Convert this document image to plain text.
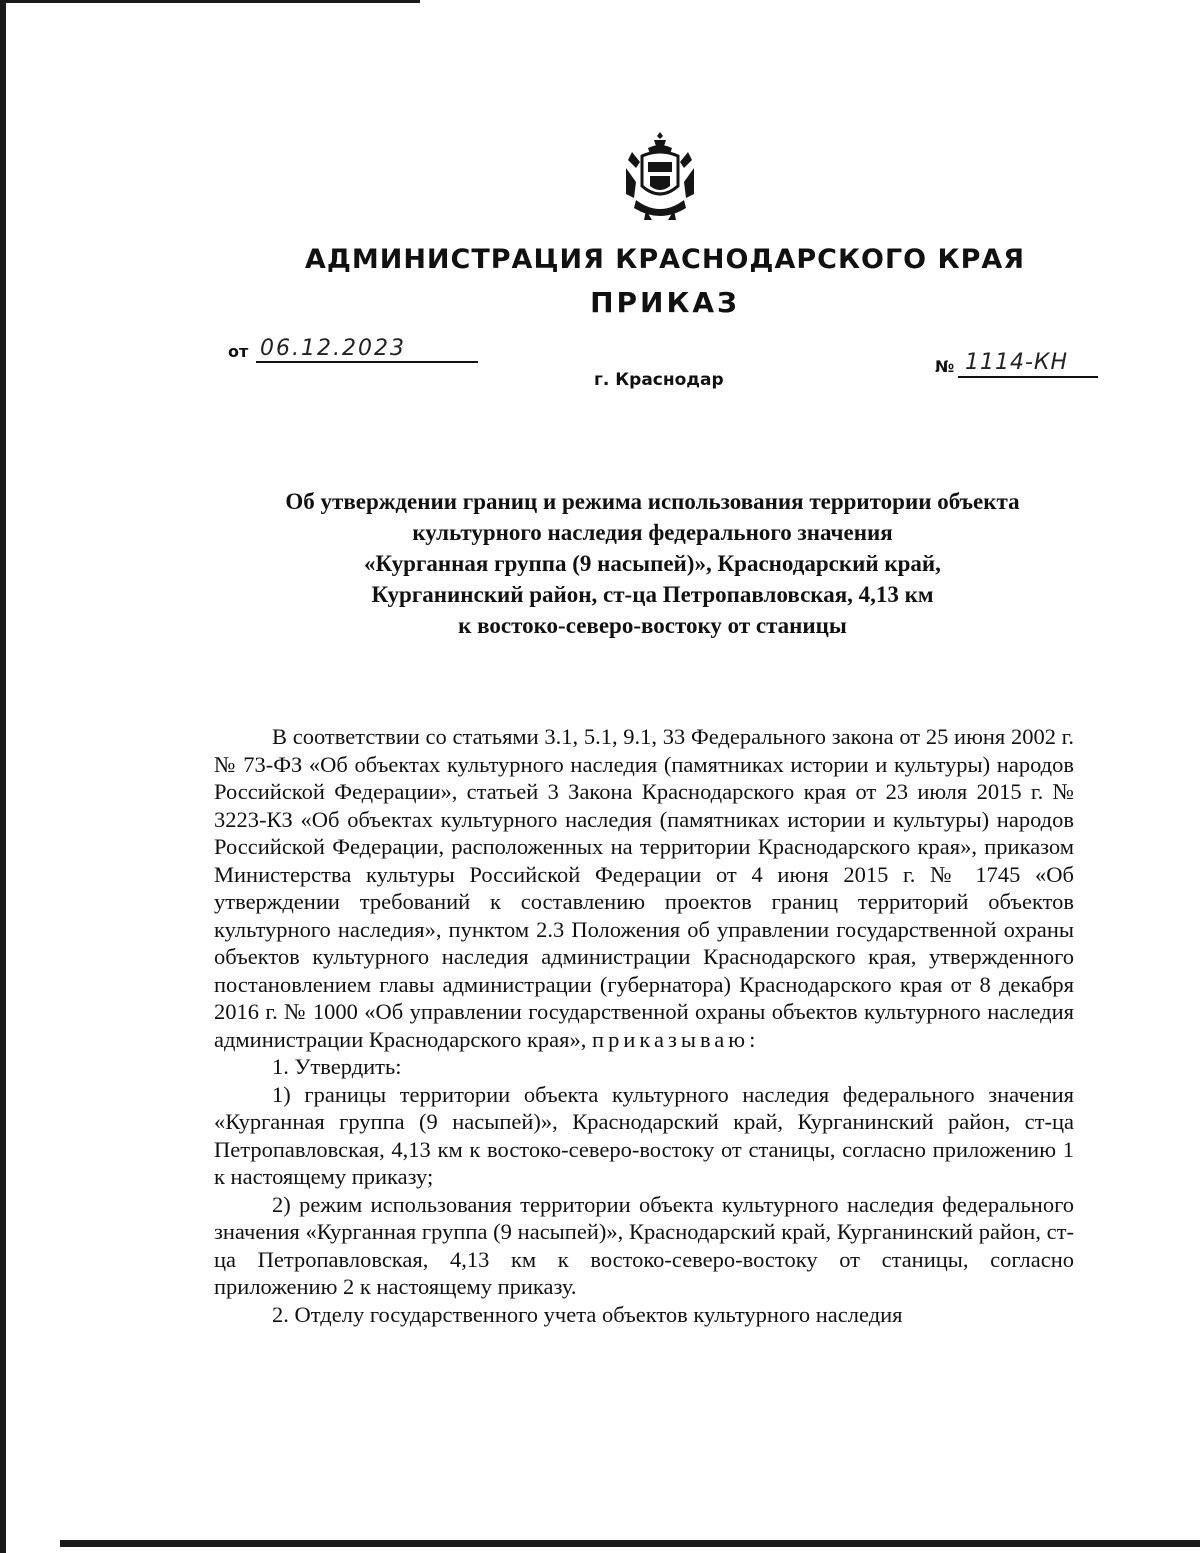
АДМИНИСТРАЦИЯ КРАСНОДАРСКОГО КРАЯ
ПРИКАЗ
от 06.12.2023
г. Краснодар
№ 1114-КН
Об утверждении границ и режима использования территории объекта
культурного наследия федерального значения
«Курганная группа (9 насыпей)», Краснодарский край,
Курганинский район, ст-ца Петропавловская, 4,13 км
к востоко-северо-востоку от станицы

В соответствии со статьями 3.1, 5.1, 9.1, 33 Федерального закона от 25 июня 2002 г. № 73-ФЗ «Об объектах культурного наследия (памятниках истории и культуры) народов Российской Федерации», статьей 3 Закона Краснодарского края от 23 июля 2015 г. № 3223-КЗ «Об объектах культурного наследия (памятниках истории и культуры) народов Российской Федерации, расположенных на территории Краснодарского края», приказом Министерства культуры Российской Федерации от 4 июня 2015 г. № 1745 «Об утверждении требований к составлению проектов границ территорий объектов культурного наследия», пунктом 2.3 Положения об управлении государственной охраны объектов культурного наследия администрации Краснодарского края, утвержденного постановлением главы администрации (губернатора) Краснодарского края от 8 декабря 2016 г. № 1000 «Об управлении государственной охраны объектов культурного наследия администрации Краснодарского края», приказываю:

1. Утвердить:

1) границы территории объекта культурного наследия федерального значения «Курганная группа (9 насыпей)», Краснодарский край, Курганинский район, ст-ца Петропавловская, 4,13 км к востоко-северо-востоку от станицы, согласно приложению 1 к настоящему приказу;

2) режим использования территории объекта культурного наследия федерального значения «Курганная группа (9 насыпей)», Краснодарский край, Курганинский район, ст-ца Петропавловская, 4,13 км к востоко-северо-востоку от станицы, согласно приложению 2 к настоящему приказу.

2. Отделу государственного учета объектов культурного наследия
